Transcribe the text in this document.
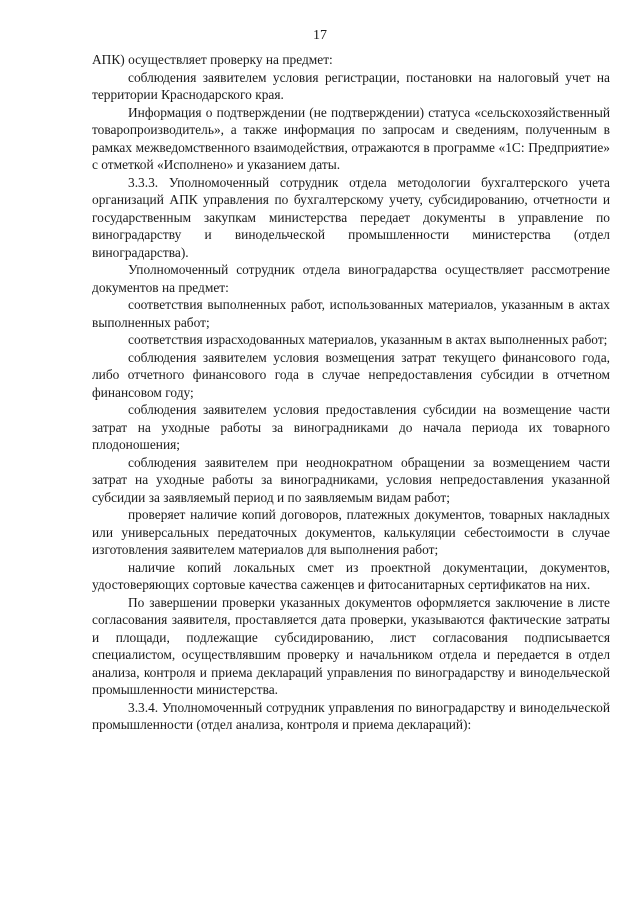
17

АПК) осуществляет проверку на предмет:

соблюдения заявителем условия регистрации, постановки на налоговый учет на территории Краснодарского края.

Информация о подтверждении (не подтверждении) статуса «сельскохозяйственный товаропроизводитель», а также информация по запросам и сведениям, полученным в рамках межведомственного взаимодействия, отражаются в программе «1С: Предприятие» с отметкой «Исполнено» и указанием даты.

3.3.3. Уполномоченный сотрудник отдела методологии бухгалтерского учета организаций АПК управления по бухгалтерскому учету, субсидированию, отчетности и государственным закупкам министерства передает документы в управление по виноградарству и винодельческой промышленности министерства (отдел виноградарства).

Уполномоченный сотрудник отдела виноградарства осуществляет рассмотрение документов на предмет:

соответствия выполненных работ, использованных материалов, указанным в актах выполненных работ;

соответствия израсходованных материалов, указанным в актах выполненных работ;

соблюдения заявителем условия возмещения затрат текущего финансового года, либо отчетного финансового года в случае непредоставления субсидии в отчетном финансовом году;

соблюдения заявителем условия предоставления субсидии на возмещение части затрат на уходные работы за виноградниками до начала периода их товарного плодоношения;

соблюдения заявителем при неоднократном обращении за возмещением части затрат на уходные работы за виноградниками, условия непредоставления указанной субсидии за заявляемый период и по заявляемым видам работ;

проверяет наличие копий договоров, платежных документов, товарных накладных или универсальных передаточных документов, калькуляции себестоимости в случае изготовления заявителем материалов для выполнения работ;

наличие копий локальных смет из проектной документации, документов, удостоверяющих сортовые качества саженцев и фитосанитарных сертификатов на них.

По завершении проверки указанных документов оформляется заключение в листе согласования заявителя, проставляется дата проверки, указываются фактические затраты и площади, подлежащие субсидированию, лист согласования подписывается специалистом, осуществлявшим проверку и начальником отдела и передается в отдел анализа, контроля и приема деклараций управления по виноградарству и винодельческой промышленности министерства.

3.3.4. Уполномоченный сотрудник управления по виноградарству и винодельческой промышленности (отдел анализа, контроля и приема деклараций):
